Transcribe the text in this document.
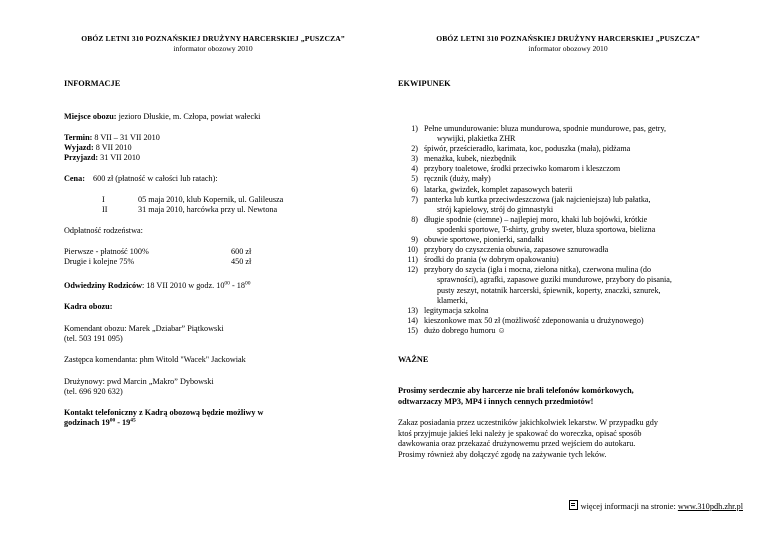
OBÓZ LETNI 310 POZNAŃSKIEJ DRUŻYNY HARCERSKIEJ „PUSZCZA”
informator obozowy 2010
INFORMACJE
Miejsce obozu: jezioro Dłuskie, m. Człopa, powiat wałecki
Termin: 8 VII – 31 VII 2010
Wyjazd: 8 VII 2010
Przyjazd: 31 VII 2010
Cena: 600 zł (płatność w całości lub ratach):
I	05 maja 2010, klub Kopernik, ul. Galileusza
II	31 maja 2010, harcówka przy ul. Newtona
Odpłatność rodzeństwa:
Pierwsze - płatność 100%	600 zł
Drugie i kolejne 75%	450 zł
Odwiedziny Rodziców: 18 VII 2010 w godz. $10^{00} - 18^{00}$
Kadra obozu:
Komendant obozu: Marek „Dziabar” Piątkowski
(tel. 503 191 095)
Zastępca komendanta: phm Witold "Wacek" Jackowiak
Drużynowy: pwd Marcin „Makro” Dybowski
(tel. 696 920 632)
Kontakt telefoniczny z Kadrą obozową będzie możliwy w
godzinach $19^{00} - 19^{45}$
OBÓZ LETNI 310 POZNAŃSKIEJ DRUŻYNY HARCERSKIEJ „PUSZCZA”
informator obozowy 2010
EKWIPUNEK
1) Pełne umundurowanie: bluza mundurowa, spodnie mundurowe, pas, getry,
wywijki, plakietka ZHR
2) śpiwór, prześcieradło, karimata, koc, poduszka (mała), pidżama
3) menażka, kubek, niezbędnik
4) przybory toaletowe, środki przeciwko komarom i kleszczom
5) ręcznik (duży, mały)
6) latarka, gwizdek, komplet zapasowych baterii
7) panterka lub kurtka przeciwdeszczowa (jak najcieniejsza) lub pałatka,
strój kąpielowy, strój do gimnastyki
8) długie spodnie (ciemne) – najlepiej moro, khaki lub bojówki, krótkie
spodenki sportowe, T-shirty, gruby sweter, bluza sportowa, bielizna
9) obuwie sportowe, pionierki, sandałki
10) przybory do czyszczenia obuwia, zapasowe sznurowadła
11) środki do prania (w dobrym opakowaniu)
12) przybory do szycia (igła i mocna, zielona nitka), czerwona mulina (do
sprawności), agrafki, zapasowe guziki mundurowe, przybory do pisania,
pusty zeszyt, notatnik harcerski, śpiewnik, koperty, znaczki, sznurek,
klamerki,
13) legitymacja szkolna
14) kieszonkowe max 50 zł (możliwość zdeponowania u drużynowego)
15) dużo dobrego humoru ☺
WAŻNE
Prosimy serdecznie aby harcerze nie brali telefonów komórkowych,
odtwarzaczy MP3, MP4 i innych cennych przedmiotów!
Zakaz posiadania przez uczestników jakichkolwiek lekarstw. W przypadku gdy
ktoś przyjmuje jakieś leki należy je spakować do woreczka, opisać sposób
dawkowania oraz przekazać drużynowemu przed wejściem do autokaru.
Prosimy również aby dołączyć zgodę na zażywanie tych leków.
więcej informacji na stronie: www.310pdh.zhr.pl
